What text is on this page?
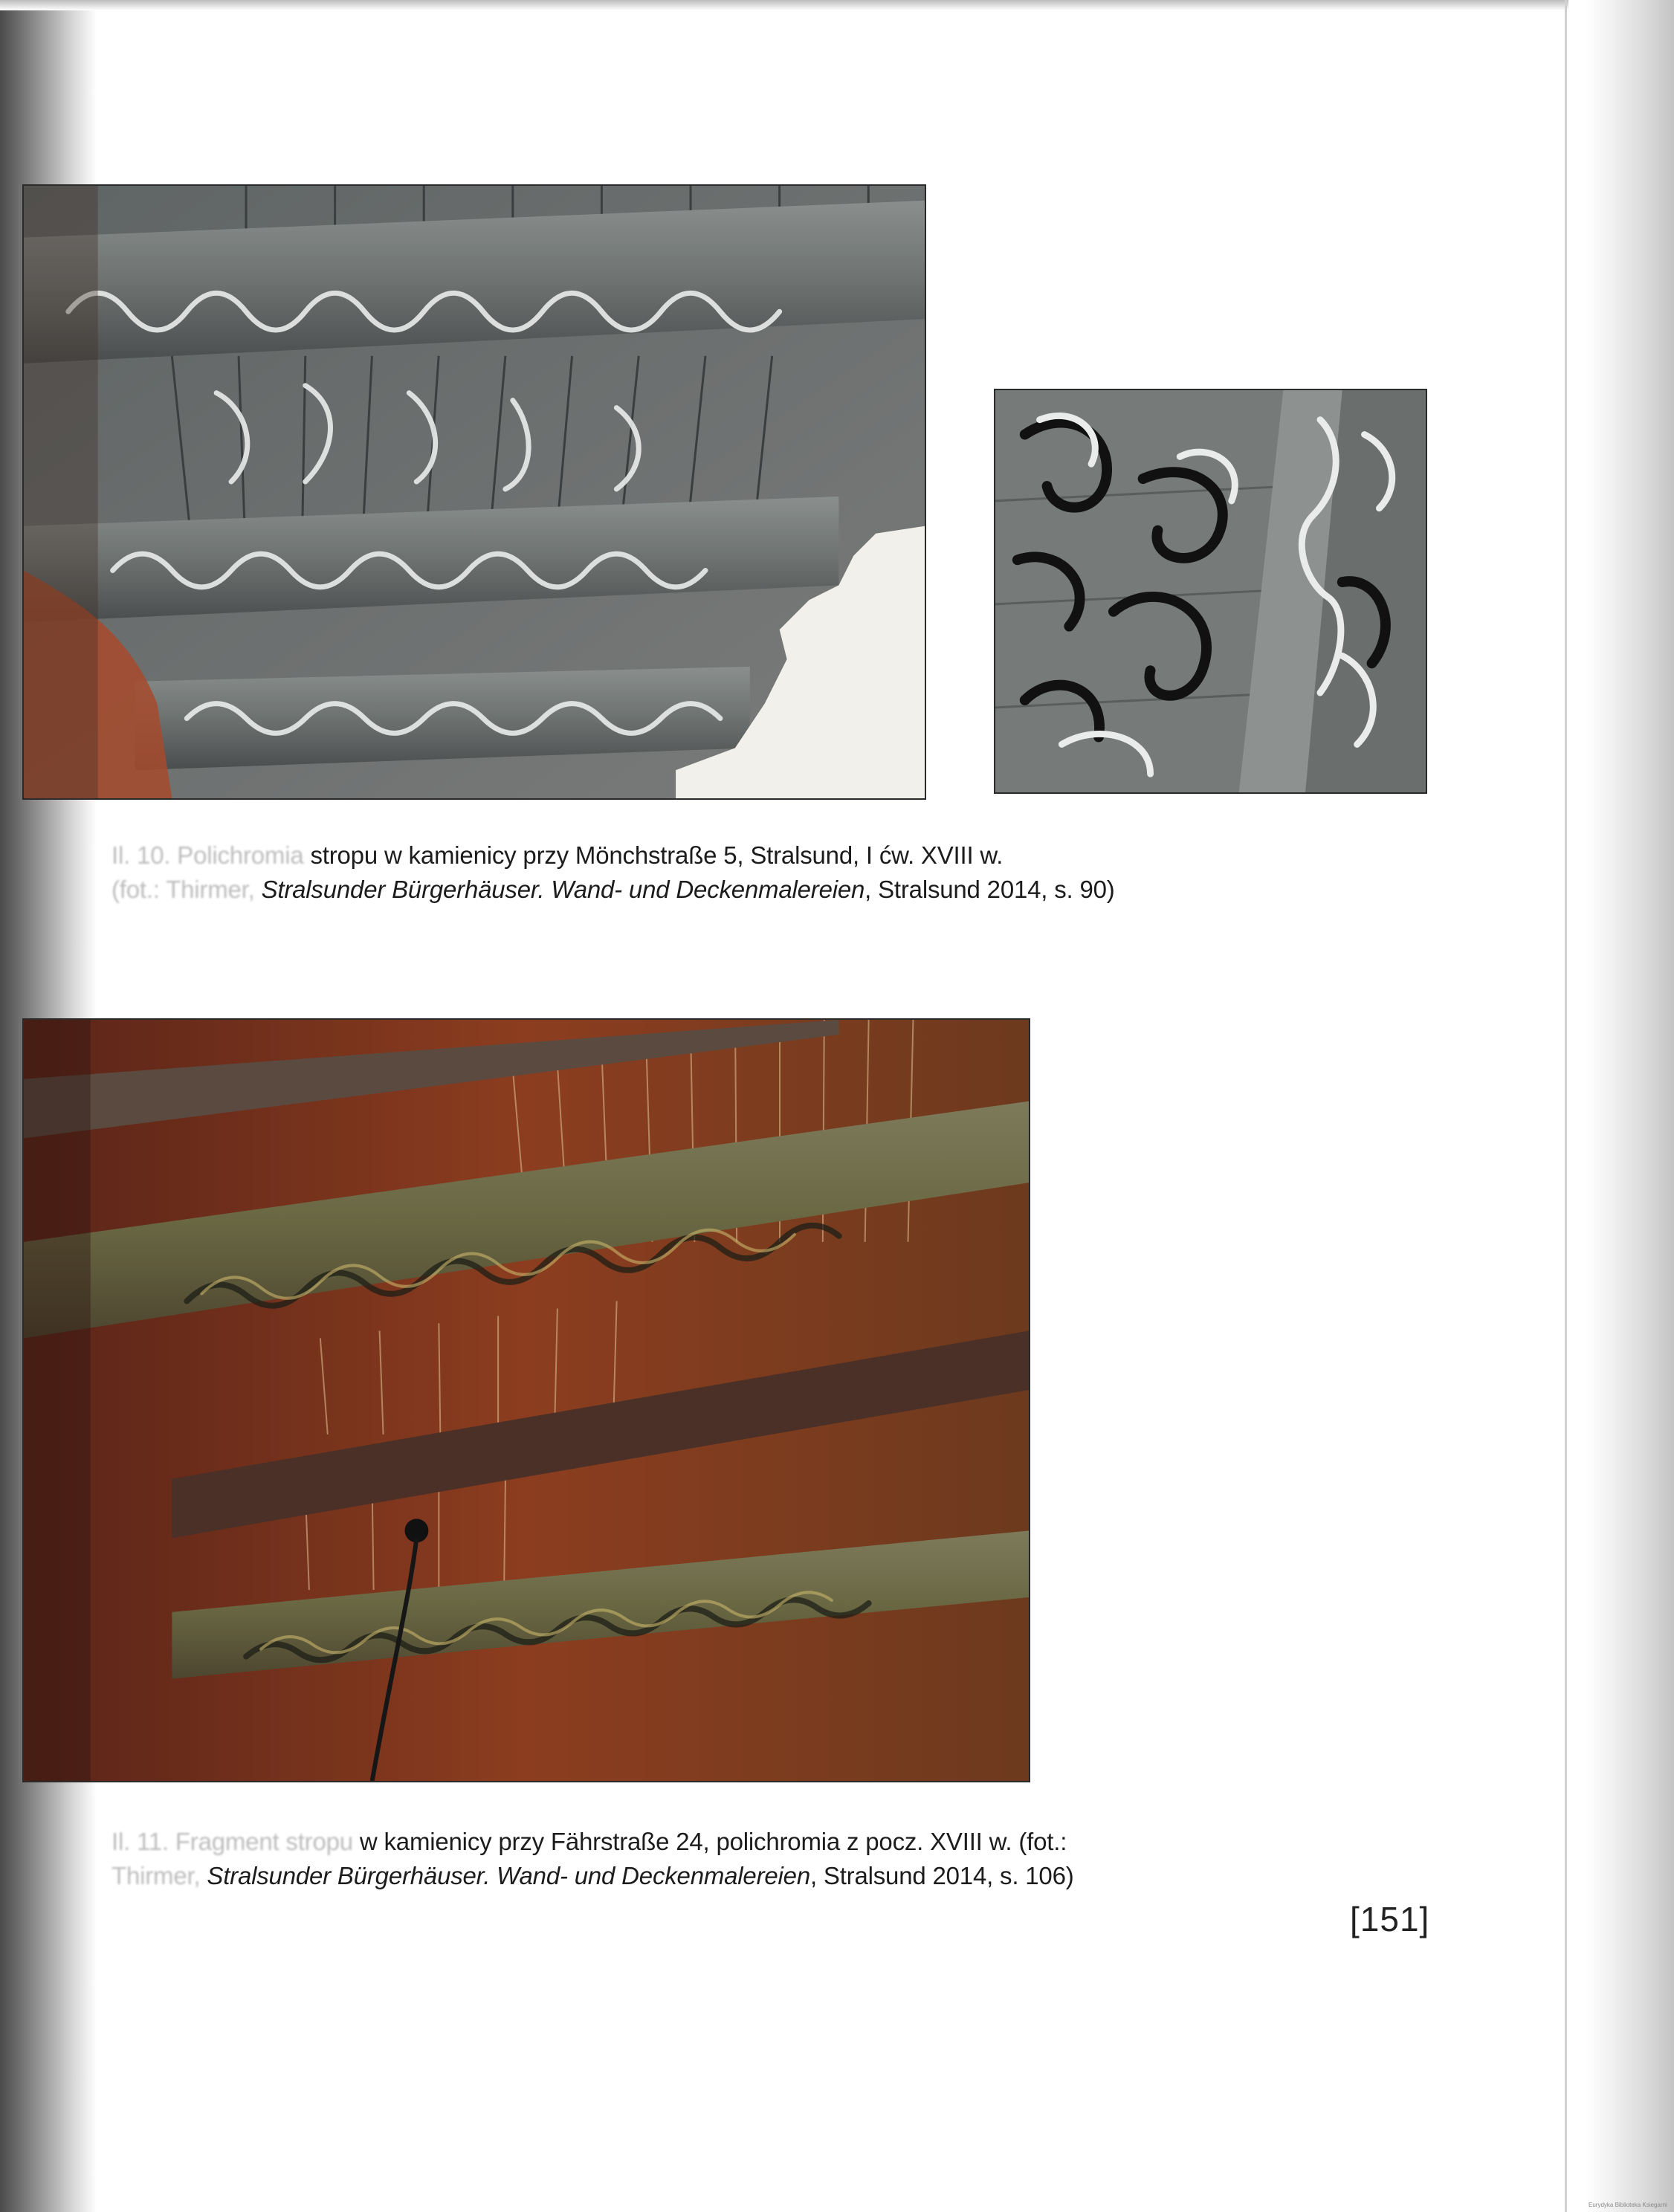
Il. 10. Polichromia stropu w kamienicy przy Mönchstraße 5, Stralsund, I ćw. XVIII w.
(fot.: Thirmer, Stralsunder Bürgerhäuser. Wand- und Deckenmalereien, Stralsund 2014, s. 90)
Il. 11. Fragment stropu w kamienicy przy Fährstraße 24, polichromia z pocz. XVIII w. (fot.:
Thirmer, Stralsunder Bürgerhäuser. Wand- und Deckenmalereien, Stralsund 2014, s. 106)
[151]
Eurydyka Biblioteka Ksiegarni
